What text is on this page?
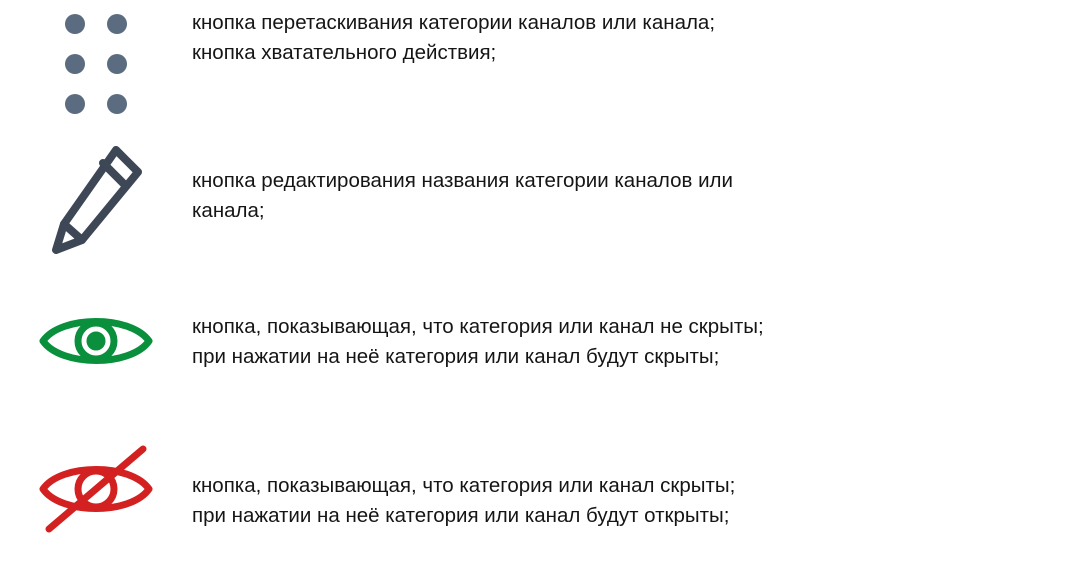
кнопка перетаскивания категории каналов или канала;
кнопка хватательного действия;
кнопка редактирования названия категории каналов или
канала;
кнопка, показывающая, что категория или канал не скрыты;
при нажатии на неё категория или канал будут скрыты;
кнопка, показывающая, что категория или канал скрыты;
при нажатии на неё категория или канал будут открыты;
